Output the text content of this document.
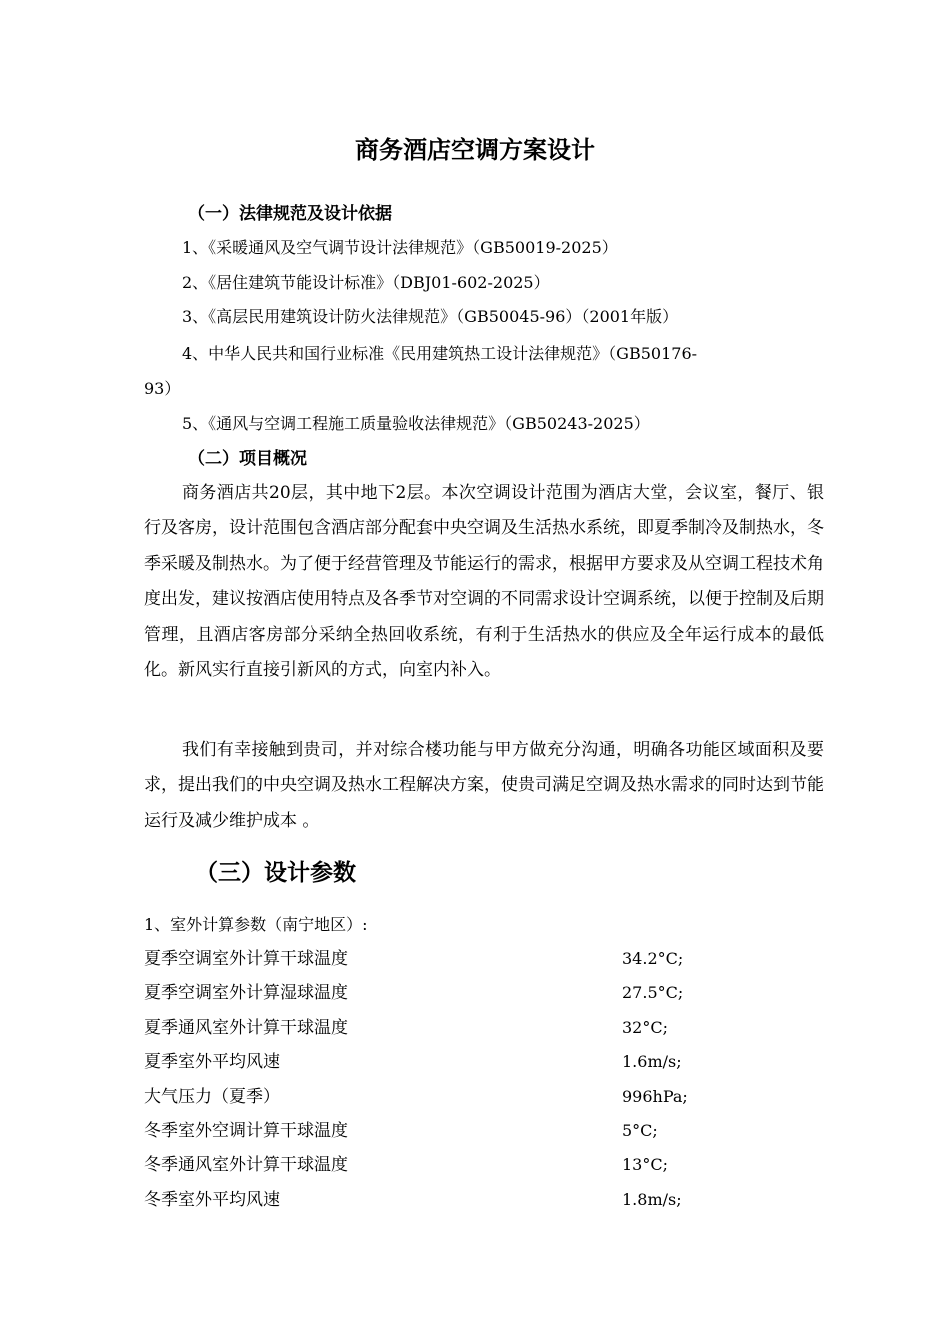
商务酒店空调方案设计
（一）法律规范及设计依据
1、《采暖通风及空气调节设计法律规范》（GB50019-2025）
2、《居住建筑节能设计标准》（DBJ01-602-2025）
3、《高层民用建筑设计防火法律规范》（GB50045-96）（2001年版）
4、中华人民共和国行业标准《民用建筑热工设计法律规范》（GB50176-
93）
5、《通风与空调工程施工质量验收法律规范》（GB50243-2025）
（二）项目概况

商务酒店共20层，其中地下2层。本次空调设计范围为酒店大堂，会议室，餐厅、银行及客房，设计范围包含酒店部分配套中央空调及生活热水系统，即夏季制冷及制热水，冬季采暖及制热水。为了便于经营管理及节能运行的需求，根据甲方要求及从空调工程技术角度出发，建议按酒店使用特点及各季节对空调的不同需求设计空调系统，以便于控制及后期管理，且酒店客房部分采纳全热回收系统，有利于生活热水的供应及全年运行成本的最低化。新风实行直接引新风的方式，向室内补入。

我们有幸接触到贵司，并对综合楼功能与甲方做充分沟通，明确各功能区域面积及要求，提出我们的中央空调及热水工程解决方案，使贵司满足空调及热水需求的同时达到节能运行及减少维护成本 。

（三）设计参数
1、室外计算参数（南宁地区）:
夏季空调室外计算干球温度	34.2°C;
夏季空调室外计算湿球温度	27.5°C;
夏季通风室外计算干球温度	32°C;
夏季室外平均风速	1.6m/s;
大气压力（夏季）	996hPa;
冬季室外空调计算干球温度	5°C;
冬季通风室外计算干球温度	13°C;
冬季室外平均风速	1.8m/s;
